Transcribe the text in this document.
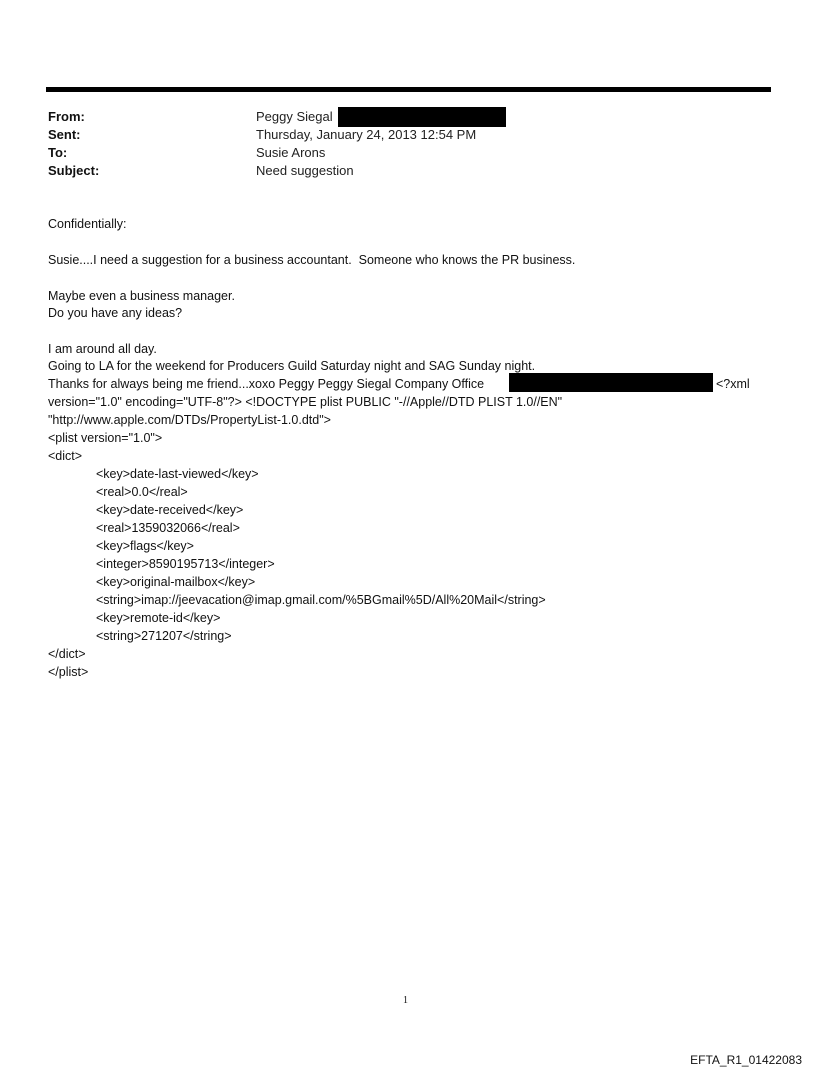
From:
Sent:
To:
Subject:
Peggy Siegal
Thursday, January 24, 2013 12:54 PM
Susie Arons
Need suggestion
Confidentially:
Susie....I need a suggestion for a business accountant.  Someone who knows the PR business.
Maybe even a business manager.
Do you have any ideas?
I am around all day.
Going to LA for the weekend for Producers Guild Saturday night and SAG Sunday night.
Thanks for always being me friend...xoxo Peggy Peggy Siegal Company Office	<?xml
version="1.0" encoding="UTF-8"?> <!DOCTYPE plist PUBLIC "-//Apple//DTD PLIST 1.0//EN"
"http://www.apple.com/DTDs/PropertyList-1.0.dtd">
<plist version="1.0">
<dict>
<key>date-last-viewed</key>
<real>0.0</real>
<key>date-received</key>
<real>1359032066</real>
<key>flags</key>
<integer>8590195713</integer>
<key>original-mailbox</key>
<string>imap://jeevacation@imap.gmail.com/%5BGmail%5D/All%20Mail</string>
<key>remote-id</key>
<string>271207</string>
</dict>
</plist>
1
EFTA_R1_01422083
